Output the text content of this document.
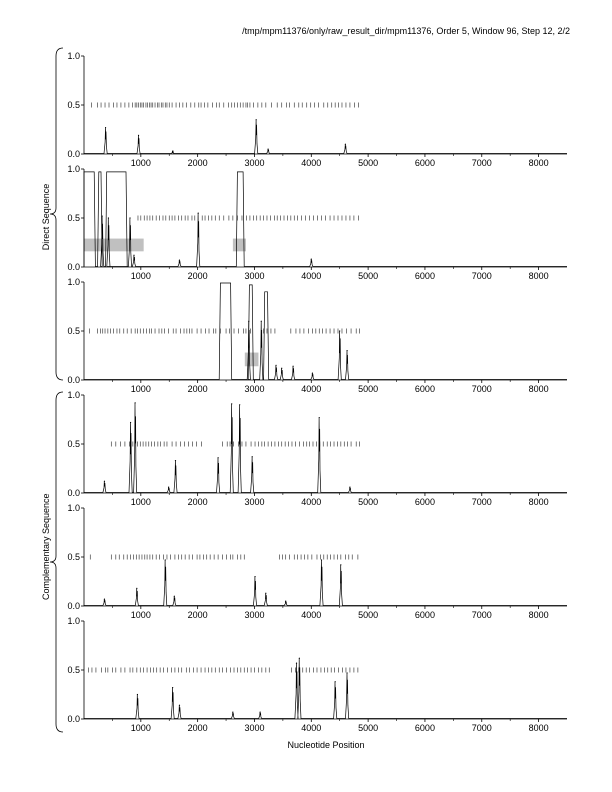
/tmp/mpm11376/only/raw_result_dir/mpm11376, Order 5, Window 96, Step 12, 2/2
0.0
0.5
1.0
1000	2000	3000	4000	5000	6000	7000	8000
0.0
0.5
1.0
1000	2000	3000	4000	5000	6000	7000	8000
0.0
0.5
1.0
1000	2000	3000	4000	5000	6000	7000	8000
0.0
0.5
1.0
1000	2000	3000	4000	5000	6000	7000	8000
0.0
0.5
1.0
1000	2000	3000	4000	5000	6000	7000	8000
0.0
0.5
1.0
1000	2000	3000	4000	5000	6000	7000	8000
Direct Sequence
Complementary Sequence
Nucleotide Position
